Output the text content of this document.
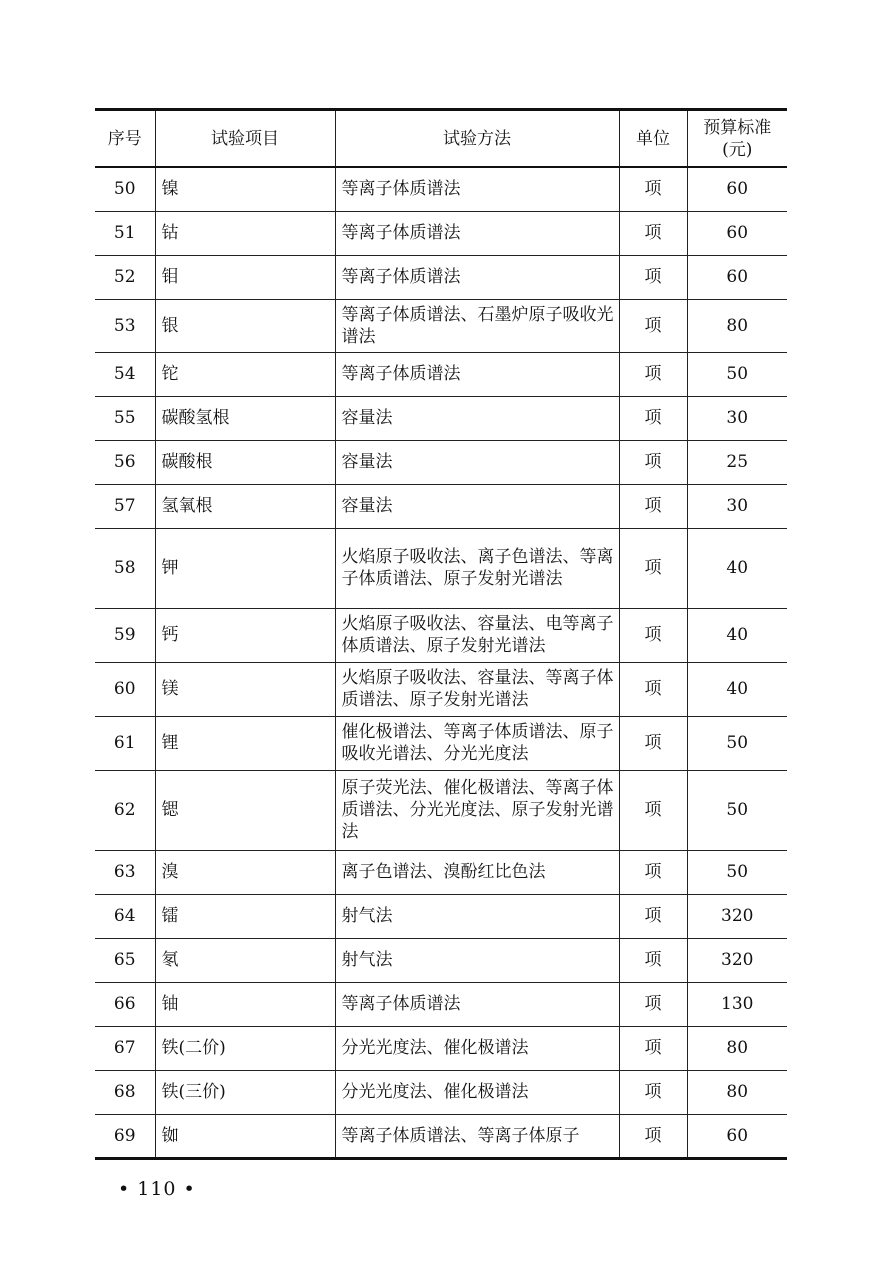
序号	试验项目	试验方法	单位	预算标准
(元)

50	镍	等离子体质谱法	项	60
51	钴	等离子体质谱法	项	60
52	钼	等离子体质谱法	项	60
53	银	等离子体质谱法、石墨炉原子吸收光谱法	项	80
54	铊	等离子体质谱法	项	50
55	碳酸氢根	容量法	项	30
56	碳酸根	容量法	项	25
57	氢氧根	容量法	项	30
58	钾	火焰原子吸收法、离子色谱法、等离子体质谱法、原子发射光谱法	项	40
59	钙	火焰原子吸收法、容量法、电等离子体质谱法、原子发射光谱法	项	40
60	镁	火焰原子吸收法、容量法、等离子体质谱法、原子发射光谱法	项	40
61	锂	催化极谱法、等离子体质谱法、原子吸收光谱法、分光光度法	项	50
62	锶	原子荧光法、催化极谱法、等离子体质谱法、分光光度法、原子发射光谱法	项	50
63	溴	离子色谱法、溴酚红比色法	项	50
64	镭	射气法	项	320
65	氡	射气法	项	320
66	铀	等离子体质谱法	项	130
67	铁(二价)	分光光度法、催化极谱法	项	80
68	铁(三价)	分光光度法、催化极谱法	项	80
69	铷	等离子体质谱法、等离子体原子	项	60
• 110 •
